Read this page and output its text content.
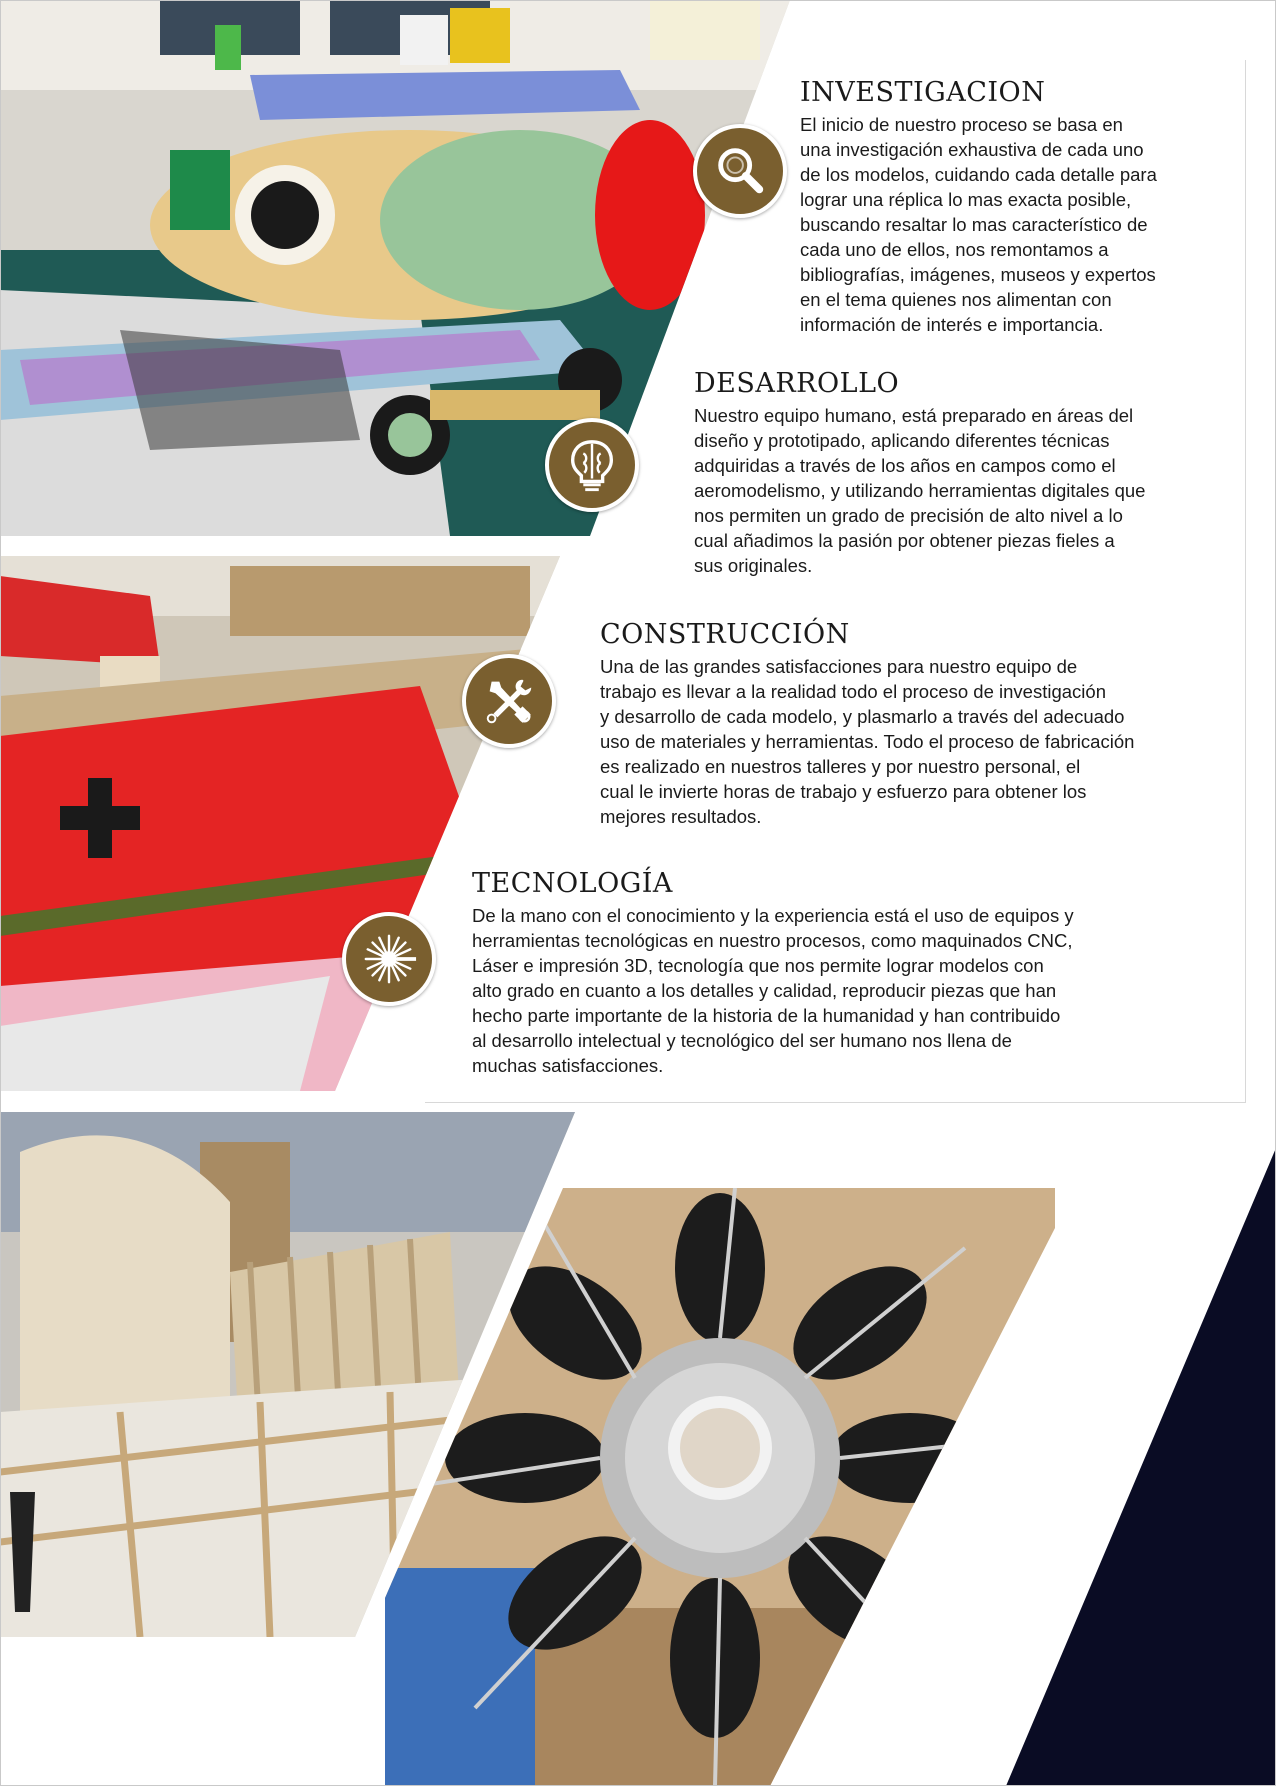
INVESTIGACION

El inicio de nuestro proceso se basa en
una investigación exhaustiva de cada uno
de los modelos, cuidando cada detalle para
lograr una réplica lo mas exacta posible,
buscando resaltar lo mas característico de
cada uno de ellos, nos remontamos a
bibliografías, imágenes, museos y expertos
en el tema quienes nos alimentan con
información de interés e importancia.

DESARROLLO

Nuestro equipo humano, está preparado en áreas del
diseño y prototipado, aplicando diferentes técnicas
adquiridas a través de los años en campos como el
aeromodelismo, y utilizando herramientas digitales que
nos permiten un grado de precisión de alto nivel a lo
cual añadimos la pasión por obtener piezas fieles a
sus originales.

CONSTRUCCIÓN

Una de las grandes satisfacciones para nuestro equipo de
trabajo es llevar a la realidad todo el proceso de investigación
y desarrollo de cada modelo, y plasmarlo a través del adecuado
uso de materiales y herramientas. Todo el proceso de fabricación
es realizado en nuestros talleres y por nuestro personal, el
cual le invierte horas de trabajo y esfuerzo para obtener los
mejores resultados.

TECNOLOGÍA

De la mano con el conocimiento y la experiencia está el uso de equipos y
herramientas tecnológicas en nuestro procesos, como maquinados CNC,
Láser e impresión 3D, tecnología que nos permite lograr modelos con
alto grado en cuanto a los detalles y calidad, reproducir piezas que han
hecho parte importante de la historia de la humanidad y han contribuido
al desarrollo intelectual y tecnológico del ser humano nos llena de
muchas satisfacciones.
